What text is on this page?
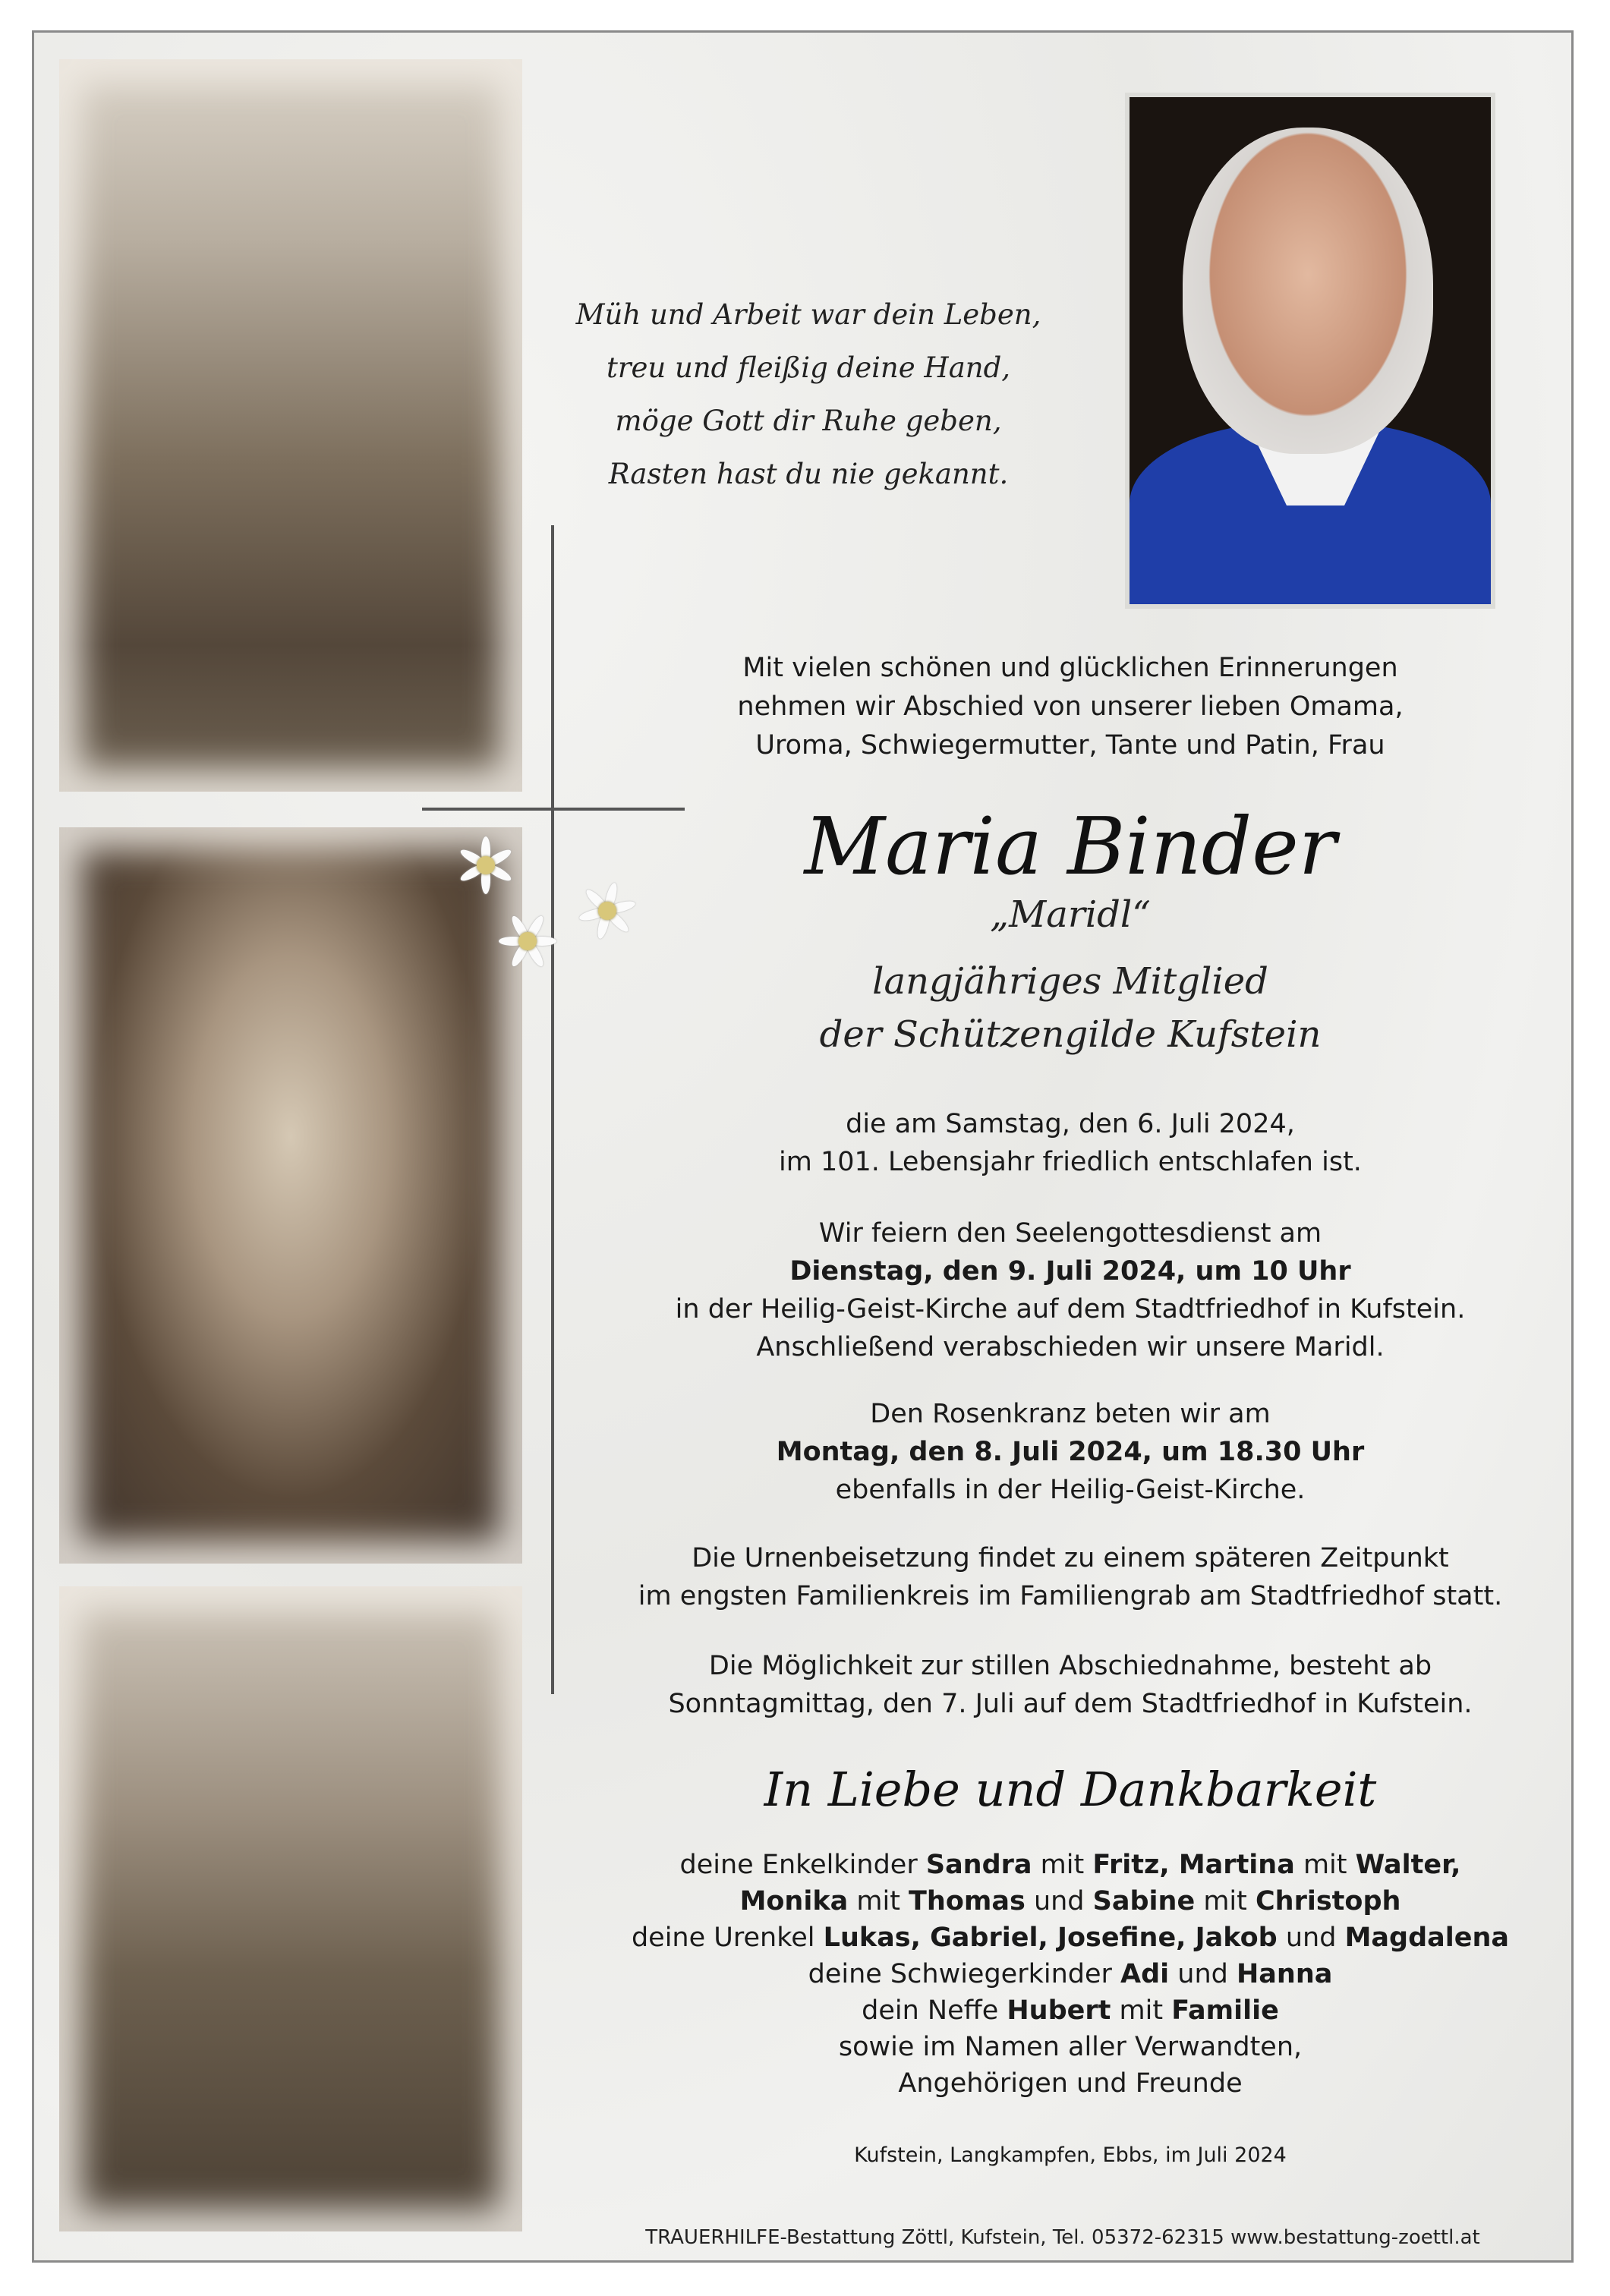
Müh und Arbeit war dein Leben,
treu und fleißig deine Hand,
möge Gott dir Ruhe geben,
Rasten hast du nie gekannt.
Mit vielen schönen und glücklichen Erinnerungen
nehmen wir Abschied von unserer lieben Omama,
Uroma, Schwiegermutter, Tante und Patin, Frau
Maria Binder
„Maridl“
langjähriges Mitglied
der Schützengilde Kufstein
die am Samstag, den 6. Juli 2024,
im 101. Lebensjahr friedlich entschlafen ist.
Wir feiern den Seelengottesdienst am
Dienstag, den 9. Juli 2024, um 10 Uhr
in der Heilig-Geist-Kirche auf dem Stadtfriedhof in Kufstein.
Anschließend verabschieden wir unsere Maridl.
Den Rosenkranz beten wir am
Montag, den 8. Juli 2024, um 18.30 Uhr
ebenfalls in der Heilig-Geist-Kirche.
Die Urnenbeisetzung findet zu einem späteren Zeitpunkt
im engsten Familienkreis im Familiengrab am Stadtfriedhof statt.
Die Möglichkeit zur stillen Abschiednahme, besteht ab
Sonntagmittag, den 7. Juli auf dem Stadtfriedhof in Kufstein.
In Liebe und Dankbarkeit
deine Enkelkinder Sandra mit Fritz, Martina mit Walter,
Monika mit Thomas und Sabine mit Christoph
deine Urenkel Lukas, Gabriel, Josefine, Jakob und Magdalena
deine Schwiegerkinder Adi und Hanna
dein Neffe Hubert mit Familie
sowie im Namen aller Verwandten,
Angehörigen und Freunde
Kufstein, Langkampfen, Ebbs, im Juli 2024
TRAUERHILFE-Bestattung Zöttl, Kufstein, Tel. 05372-62315 www.bestattung-zoettl.at
